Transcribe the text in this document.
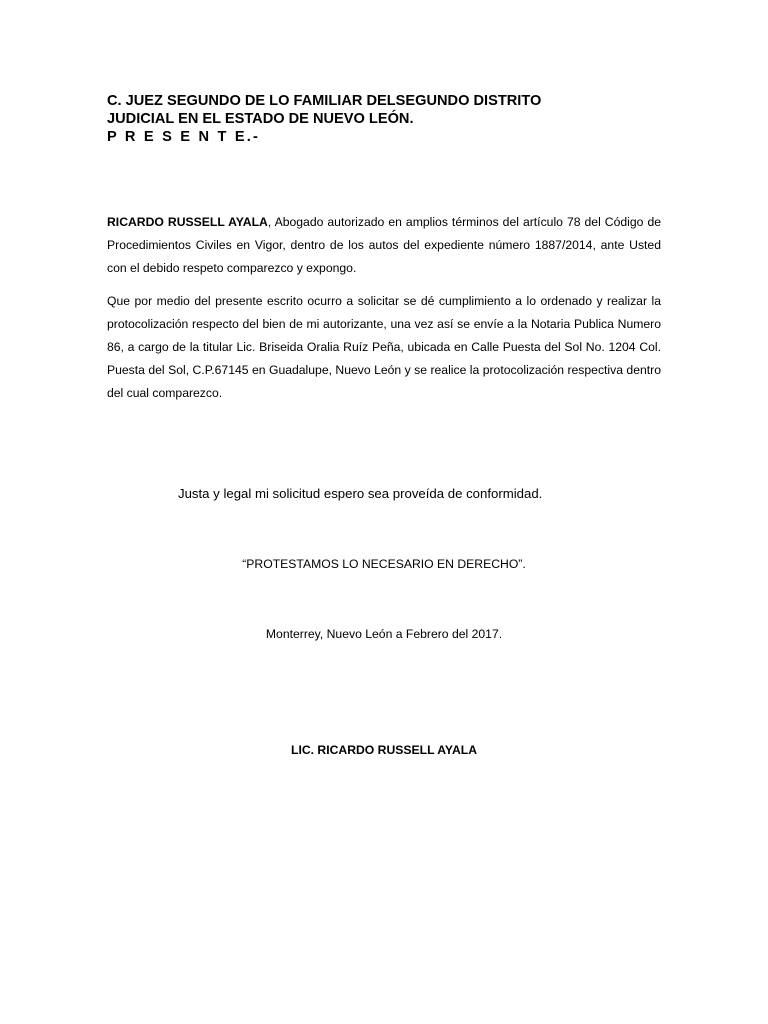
C. JUEZ SEGUNDO DE LO FAMILIAR DELSEGUNDO DISTRITO
JUDICIAL EN EL ESTADO DE NUEVO LEÓN.
P R E S E N T E.-

RICARDO RUSSELL AYALA, Abogado autorizado en amplios términos del artículo 78 del Código de Procedimientos Civiles en Vigor, dentro de los autos del expediente número 1887/2014, ante Usted con el debido respeto comparezco y expongo.

Que por medio del presente escrito ocurro a solicitar se dé cumplimiento a lo ordenado y realizar la protocolización respecto del bien de mi autorizante, una vez así se envíe a la Notaria Publica Numero 86, a cargo de la titular Lic. Briseida Oralia Ruíz Peña, ubicada en Calle Puesta del Sol No. 1204 Col. Puesta del Sol, C.P.67145 en Guadalupe, Nuevo León y se realice la protocolización respectiva dentro del cual comparezco.

Justa y legal mi solicitud espero sea proveída de conformidad.
“PROTESTAMOS LO NECESARIO EN DERECHO”.
Monterrey, Nuevo León a Febrero del 2017.
LIC. RICARDO RUSSELL AYALA
